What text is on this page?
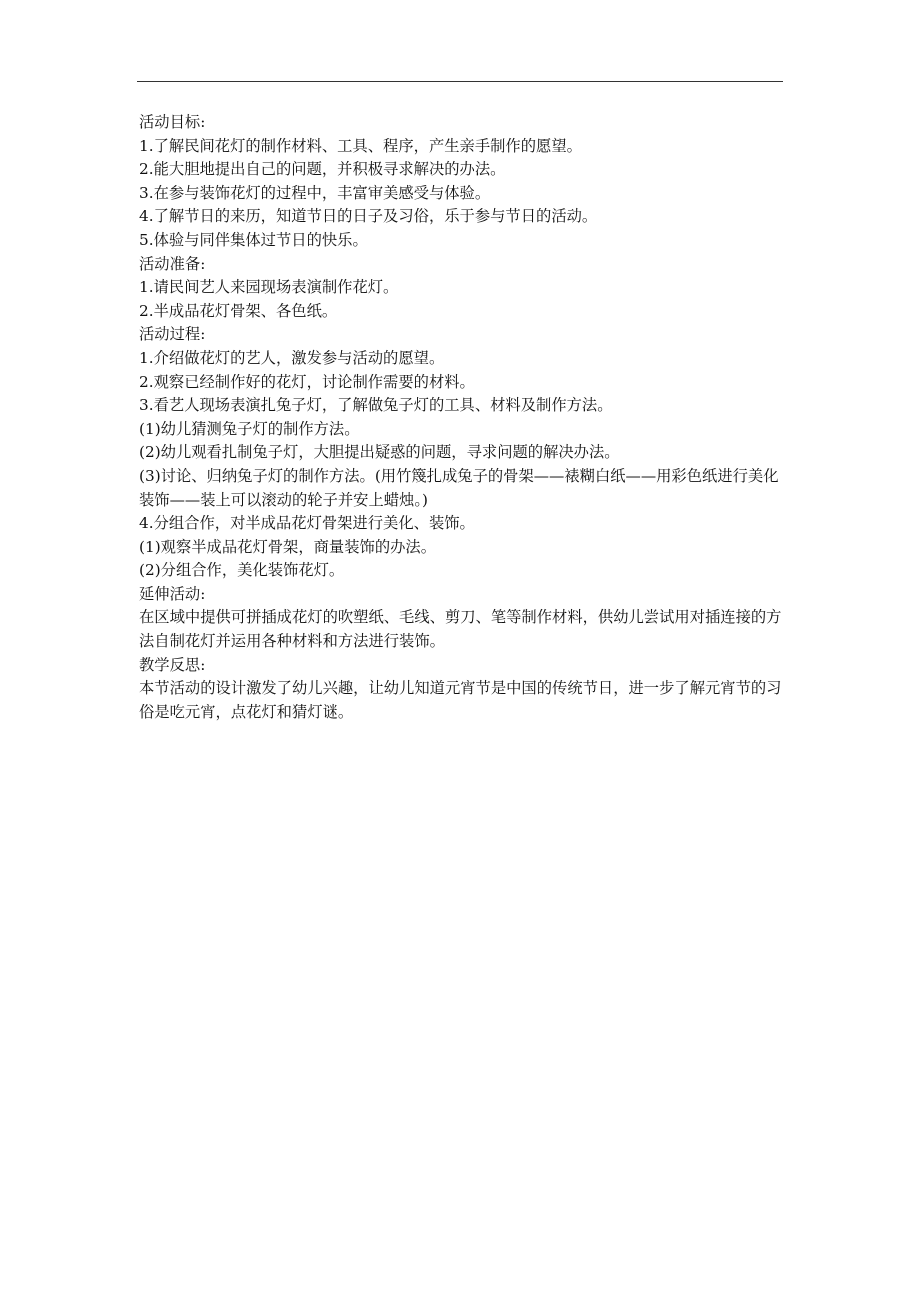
活动目标:

1.了解民间花灯的制作材料、工具、程序，产生亲手制作的愿望。

2.能大胆地提出自己的问题，并积极寻求解决的办法。

3.在参与装饰花灯的过程中，丰富审美感受与体验。

4.了解节日的来历，知道节日的日子及习俗，乐于参与节日的活动。

5.体验与同伴集体过节日的快乐。

活动准备:

1.请民间艺人来园现场表演制作花灯。

2.半成品花灯骨架、各色纸。

活动过程:

1.介绍做花灯的艺人，激发参与活动的愿望。

2.观察已经制作好的花灯，讨论制作需要的材料。

3.看艺人现场表演扎兔子灯，了解做兔子灯的工具、材料及制作方法。

(1)幼儿猜测兔子灯的制作方法。

(2)幼儿观看扎制兔子灯，大胆提出疑惑的问题，寻求问题的解决办法。

(3)讨论、归纳兔子灯的制作方法。(用竹篾扎成兔子的骨架——裱糊白纸——用彩色纸进行美化装饰——装上可以滚动的轮子并安上蜡烛。)

4.分组合作，对半成品花灯骨架进行美化、装饰。

(1)观察半成品花灯骨架，商量装饰的办法。

(2)分组合作，美化装饰花灯。

延伸活动:

在区域中提供可拼插成花灯的吹塑纸、毛线、剪刀、笔等制作材料，供幼儿尝试用对插连接的方法自制花灯并运用各种材料和方法进行装饰。

教学反思:

本节活动的设计激发了幼儿兴趣，让幼儿知道元宵节是中国的传统节日，进一步了解元宵节的习俗是吃元宵，点花灯和猜灯谜。
